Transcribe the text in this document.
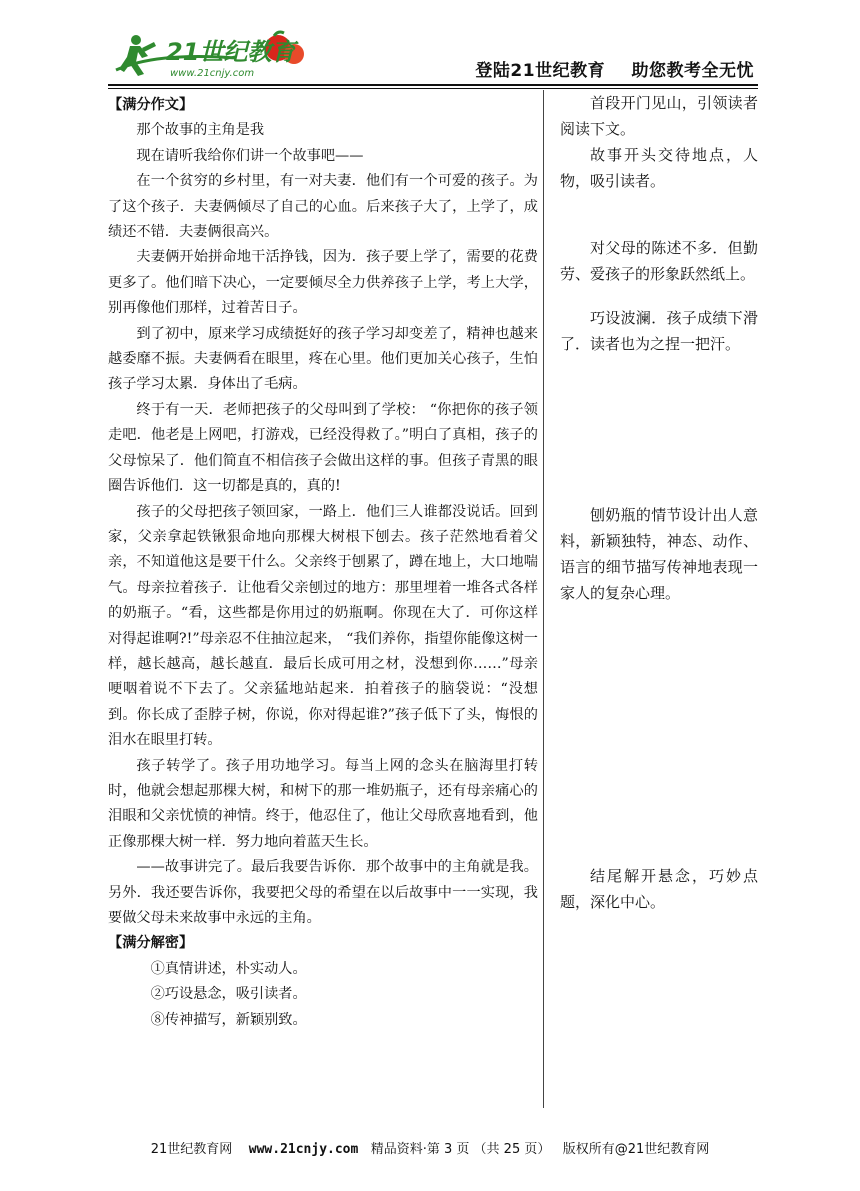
21世纪教育
www.21cnjy.com	登陆21世纪教育 助您教考全无忧

【满分作文】

那个故事的主角是我

现在请听我给你们讲一个故事吧——

在一个贫穷的乡村里，有一对夫妻．他们有一个可爱的孩子。为了这个孩子．夫妻俩倾尽了自己的心血。后来孩子大了，上学了，成绩还不错．夫妻俩很高兴。

夫妻俩开始拼命地干活挣钱，因为．孩子要上学了，需要的花费更多了。他们暗下决心，一定要倾尽全力供养孩子上学，考上大学，别再像他们那样，过着苦日子。

到了初中，原来学习成绩挺好的孩子学习却变差了，精神也越来越委靡不振。夫妻俩看在眼里，疼在心里。他们更加关心孩子，生怕孩子学习太累．身体出了毛病。

终于有一天．老师把孩子的父母叫到了学校： “你把你的孩子领走吧．他老是上网吧，打游戏，已经没得救了。”明白了真相，孩子的父母惊呆了．他们简直不相信孩子会做出这样的事。但孩子青黑的眼圈告诉他们．这一切都是真的，真的!

孩子的父母把孩子领回家，一路上．他们三人谁都没说话。回到家，父亲拿起铁锹狠命地向那棵大树根下刨去。孩子茫然地看着父亲，不知道他这是要干什么。父亲终于刨累了，蹲在地上，大口地喘气。母亲拉着孩子．让他看父亲刨过的地方：那里埋着一堆各式各样的奶瓶子。“看，这些都是你用过的奶瓶啊。你现在大了．可你这样对得起谁啊?!”母亲忍不住抽泣起来， “我们养你，指望你能像这树一样，越长越高，越长越直．最后长成可用之材，没想到你……”母亲哽咽着说不下去了。父亲猛地站起来．拍着孩子的脑袋说：“没想到。你长成了歪脖子树，你说，你对得起谁?”孩子低下了头，悔恨的泪水在眼里打转。

孩子转学了。孩子用功地学习。每当上网的念头在脑海里打转时，他就会想起那棵大树，和树下的那一堆奶瓶子，还有母亲痛心的泪眼和父亲忧愤的神情。终于，他忍住了，他让父母欣喜地看到，他正像那棵大树一样．努力地向着蓝天生长。

——故事讲完了。最后我要告诉你．那个故事中的主角就是我。另外．我还要告诉你，我要把父母的希望在以后故事中一一实现，我要做父母未来故事中永远的主角。

【满分解密】

①真情讲述，朴实动人。

②巧设悬念，吸引读者。

⑧传神描写，新颖别致。

首段开门见山，引领读者阅读下文。

故事开头交待地点，人物，吸引读者。

对父母的陈述不多．但勤劳、爱孩子的形象跃然纸上。

巧设波澜．孩子成绩下滑了．读者也为之捏一把汗。

刨奶瓶的情节设计出人意料，新颖独特，神态、动作、语言的细节描写传神地表现一家人的复杂心理。

结尾解开悬念，巧妙点题，深化中心。

21世纪教育网 www.21cnjy.com 精品资料·第 3 页 （共 25 页） 版权所有@21世纪教育网
